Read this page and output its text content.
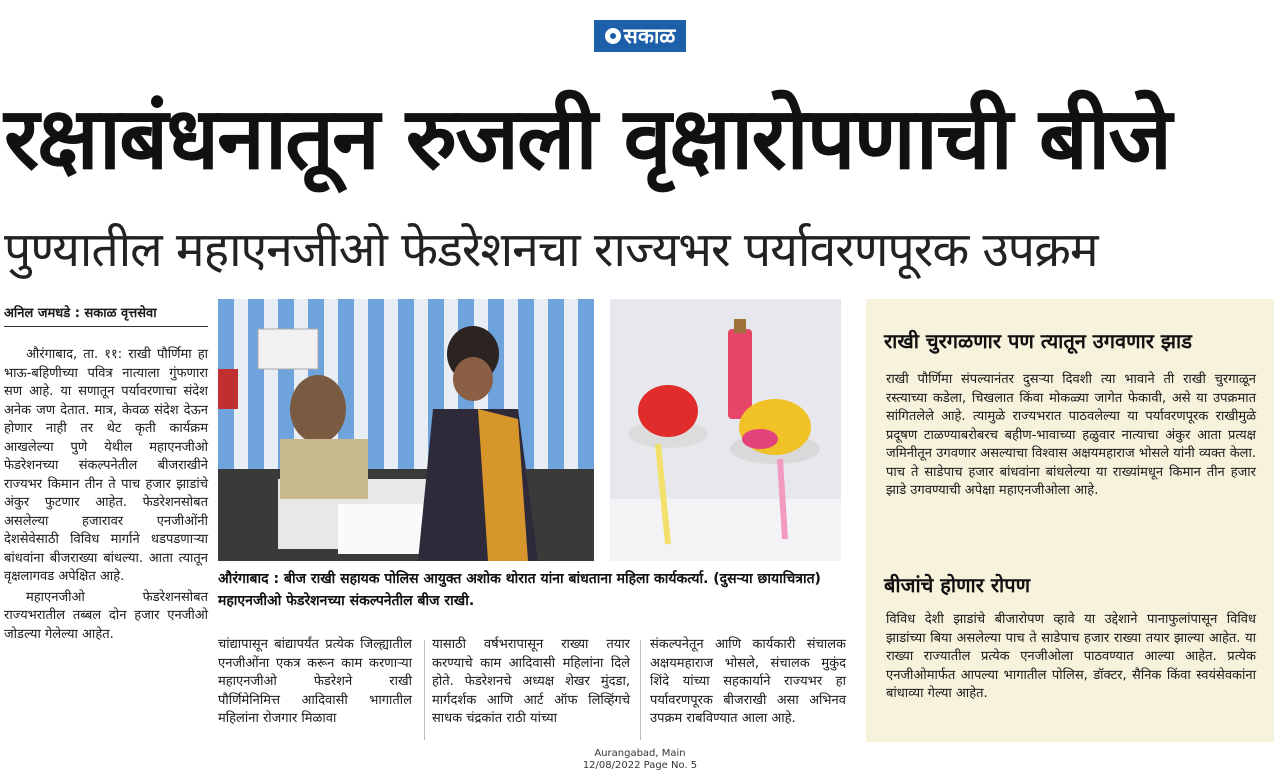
सकाळ
रक्षाबंधनातून रुजली वृक्षारोपणाची बीजे
पुण्यातील महाएनजीओ फेडरेशनचा राज्यभर पर्यावरणपूरक उपक्रम
अनिल जमधडे : सकाळ वृत्तसेवा

औरंगाबाद, ता. ११: राखी पौर्णिमा हा भाऊ-बहिणीच्या पवित्र नात्याला गुंफणारा सण आहे. या सणातून पर्यावरणाचा संदेश अनेक जण देतात. मात्र, केवळ संदेश देऊन होणार नाही तर थेट कृती कार्यक्रम आखलेल्या पुणे येथील महाएनजीओ फेडरेशनच्या संकल्पनेतील बीजराखीने राज्यभर किमान तीन ते पाच हजार झाडांचे अंकुर फुटणार आहेत. फेडरेशनसोबत असलेल्या हजारावर एनजीओंनी देशसेवेसाठी विविध मार्गाने धडपडणाऱ्या बांधवांना बीजराख्या बांधल्या. आता त्यातून वृक्षलागवड अपेक्षित आहे.

महाएनजीओ फेडरेशनसोबत राज्यभरातील तब्बल दोन हजार एनजीओ जोडल्या गेलेल्या आहेत.

औरंगाबाद : बीज राखी सहायक पोलिस आयुक्त अशोक थोरात यांना बांधताना महिला कार्यकर्त्या. (दुसऱ्या छायाचित्रात) महाएनजीओ फेडरेशनच्या संकल्पनेतील बीज राखी.

चांद्यापासून बांद्यापर्यंत प्रत्येक जिल्ह्यातील एनजीओंना एकत्र करून काम करणाऱ्या महाएनजीओ फेडरेशने राखी पौर्णिमेनिमित्त आदिवासी भागातील महिलांना रोजगार मिळावा

यासाठी वर्षभरापासून राख्या तयार करण्याचे काम आदिवासी महिलांना दिले होते. फेडरेशनचे अध्यक्ष शेखर मुंदडा, मार्गदर्शक आणि आर्ट ऑफ लिव्हिंगचे साधक चंद्रकांत राठी यांच्या

संकल्पनेतून आणि कार्यकारी संचालक अक्षयमहाराज भोसले, संचालक मुकुंद शिंदे यांच्या सहकार्याने राज्यभर हा पर्यावरणपूरक बीजराखी असा अभिनव उपक्रम राबविण्यात आला आहे.

राखी चुरगळणार पण त्यातून उगवणार झाड
राखी पौर्णिमा संपल्यानंतर दुसऱ्या दिवशी त्या भावाने ती राखी चुरगाळून रस्त्याच्या कडेला, चिखलात किंवा मोकळ्या जागेत फेकावी, असे या उपक्रमात सांगितलेले आहे. त्यामुळे राज्यभरात पाठवलेल्या या पर्यावरणपूरक राखीमुळे प्रदूषण टाळण्याबरोबरच बहीण-भावाच्या हळुवार नात्याचा अंकुर आता प्रत्यक्ष जमिनीतून उगवणार असल्याचा विश्वास अक्षयमहाराज भोसले यांनी व्यक्त केला. पाच ते साडेपाच हजार बांधवांना बांधलेल्या या राख्यांमधून किमान तीन हजार झाडे उगवण्याची अपेक्षा महाएनजीओला आहे.
बीजांचे होणार रोपण
विविध देशी झाडांचे बीजारोपण व्हावे या उद्देशाने पानाफुलांपासून विविध झाडांच्या बिया असलेल्या पाच ते साडेपाच हजार राख्या तयार झाल्या आहेत. या राख्या राज्यातील प्रत्येक एनजीओला पाठवण्यात आल्या आहेत. प्रत्येक एनजीओमार्फत आपल्या भागातील पोलिस, डॉक्टर, सैनिक किंवा स्वयंसेवकांना बांधाव्या गेल्या आहेत.
Aurangabad, Main
12/08/2022 Page No. 5
